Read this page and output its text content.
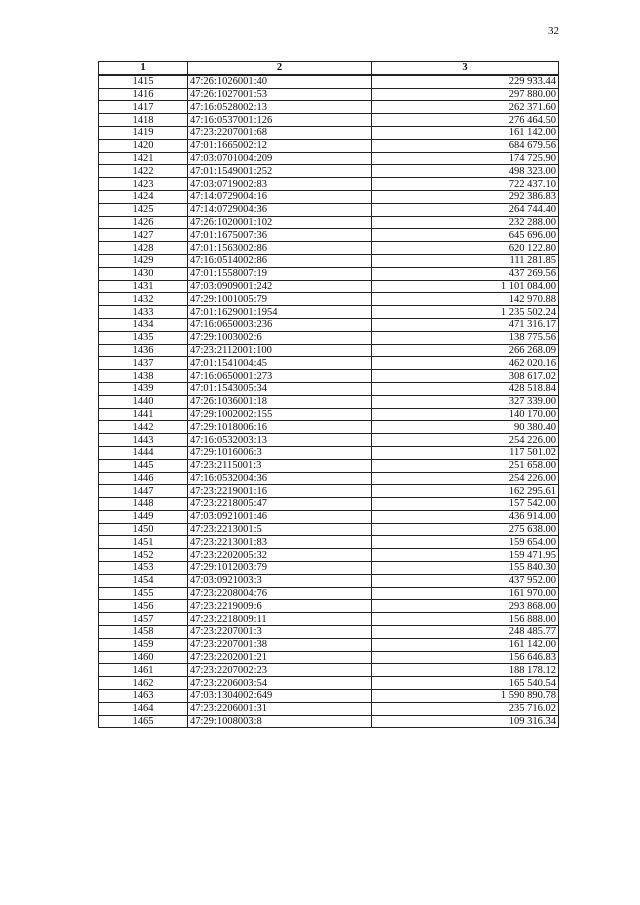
32
1	2	3
1415	47:26:1026001:40	229 933.44
1416	47:26:1027001:53	297 880.00
1417	47:16:0528002:13	262 371.60
1418	47:16:0537001:126	276 464.50
1419	47:23:2207001:68	161 142.00
1420	47:01:1665002:12	684 679.56
1421	47:03:0701004:209	174 725.90
1422	47:01:1549001:252	498 323.00
1423	47:03:0719002:83	722 437.10
1424	47:14:0729004:16	292 386.83
1425	47:14:0729004:36	264 744.40
1426	47:26:1020001:102	232 288.00
1427	47:01:1675007:36	645 696.00
1428	47:01:1563002:86	620 122.80
1429	47:16:0514002:86	111 281.85
1430	47:01:1558007:19	437 269.56
1431	47:03:0909001:242	1 101 084.00
1432	47:29:1001005:79	142 970.88
1433	47:01:1629001:1954	1 235 502.24
1434	47:16:0650003:236	471 316.17
1435	47:29:1003002:6	138 775.56
1436	47:23:2112001:100	266 268.09
1437	47:01:1541004:45	462 020.16
1438	47:16:0650001:273	308 617.02
1439	47:01:1543005:34	428 518.84
1440	47:26:1036001:18	327 339.00
1441	47:29:1002002:155	140 170.00
1442	47:29:1018006:16	90 380.40
1443	47:16:0532003:13	254 226.00
1444	47:29:1016006:3	117 501.02
1445	47:23:2115001:3	251 658.00
1446	47:16:0532004:36	254 226.00
1447	47:23:2219001:16	162 295.61
1448	47:23:2218005:47	157 542.00
1449	47:03:0921001:46	436 914.00
1450	47:23:2213001:5	275 638.00
1451	47:23:2213001:83	159 654.00
1452	47:23:2202005:32	159 471.95
1453	47:29:1012003:79	155 840.30
1454	47:03:0921003:3	437 952.00
1455	47:23:2208004:76	161 970.00
1456	47:23:2219009:6	293 868.00
1457	47:23:2218009:11	156 888.00
1458	47:23:2207001:3	248 485.77
1459	47:23:2207001:38	161 142.00
1460	47:23:2202001:21	156 646.83
1461	47:23:2207002:23	188 178.12
1462	47:23:2206003:54	165 540.54
1463	47:03:1304002:649	1 590 890.78
1464	47:23:2206001:31	235 716.02
1465	47:29:1008003:8	109 316.34
